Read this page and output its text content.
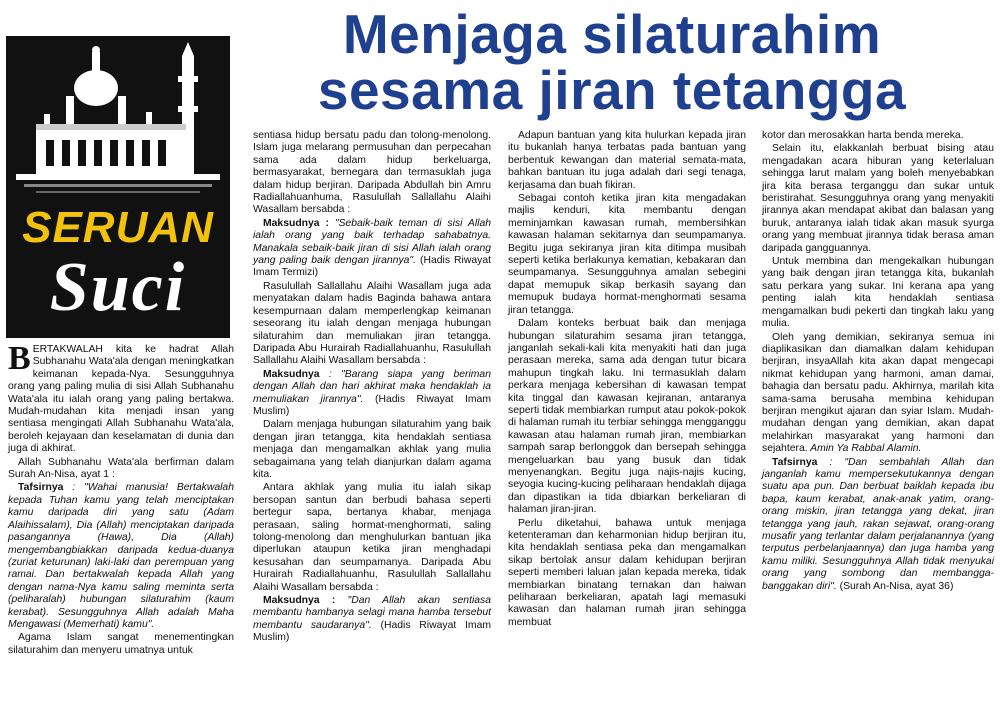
Menjaga silaturahim
sesama jiran tetangga
SERUAN
Suci

BERTAKWALAH kita ke hadrat Allah Subhanahu Wata'ala dengan meningkatkan keimanan kepada-Nya. Sesungguhnya orang yang paling mulia di sisi Allah Subhanahu Wata'ala itu ialah orang yang paling bertakwa. Mudah-mudahan kita menjadi insan yang sentiasa mengingati Allah Subhanahu Wata'ala, beroleh kejayaan dan keselamatan di dunia dan juga di akhirat.

Allah Subhanahu Wata'ala berfirman dalam Surah An-Nisa, ayat 1 :

Tafsirnya : "Wahai manusia! Bertakwalah kepada Tuhan kamu yang telah menciptakan kamu daripada diri yang satu (Adam Alaihissalam), Dia (Allah) menciptakan daripada pasangannya (Hawa), Dia (Allah) mengembangbiakkan daripada kedua-duanya (zuriat keturunan) laki-laki dan perempuan yang ramai. Dan bertakwalah kepada Allah yang dengan nama-Nya kamu saling meminta serta (peliharalah) hubungan silaturahim (kaum kerabat). Sesungguhnya Allah adalah Maha Mengawasi (Memerhati) kamu".

Agama Islam sangat menementingkan silaturahim dan menyeru umatnya untuk

sentiasa hidup bersatu padu dan tolong-menolong. Islam juga melarang permusuhan dan perpecahan sama ada dalam hidup berkeluarga, bermasyarakat, bernegara dan termasuklah juga dalam hidup berjiran. Daripada Abdullah bin Amru Radiallahuanhuma, Rasulullah Sallallahu Alaihi Wasallam bersabda :

Maksudnya : "Sebaik-baik teman di sisi Allah ialah orang yang baik terhadap sahabatnya. Manakala sebaik-baik jiran di sisi Allah ialah orang yang paling baik dengan jirannya". (Hadis Riwayat Imam Termizi)

Rasulullah Sallallahu Alaihi Wasallam juga ada menyatakan dalam hadis Baginda bahawa antara kesempurnaan dalam memperlengkap keimanan seseorang itu ialah dengan menjaga hubungan silaturahim dan memuliakan jiran tetangga. Daripada Abu Hurairah Radiallahuanhu, Rasulullah Sallallahu Alaihi Wasallam bersabda :

Maksudnya : "Barang siapa yang beriman dengan Allah dan hari akhirat maka hendaklah ia memuliakan jirannya". (Hadis Riwayat Imam Muslim)

Dalam menjaga hubungan silaturahim yang baik dengan jiran tetangga, kita hendaklah sentiasa menjaga dan mengamalkan akhlak yang mulia sebagaimana yang telah dianjurkan dalam agama kita.

Antara akhlak yang mulia itu ialah sikap bersopan santun dan berbudi bahasa seperti bertegur sapa, bertanya khabar, menjaga perasaan, saling hormat-menghormati, saling tolong-menolong dan menghulurkan bantuan jika diperlukan ataupun ketika jiran menghadapi kesusahan dan seumpamanya. Daripada Abu Hurairah Radiallahuanhu, Rasulullah Sallallahu Alaihi Wasallam bersabda :

Maksudnya : "Dan Allah akan sentiasa membantu hambanya selagi mana hamba tersebut membantu saudaranya". (Hadis Riwayat Imam Muslim)

Adapun bantuan yang kita hulurkan kepada jiran itu bukanlah hanya terbatas pada bantuan yang berbentuk kewangan dan material semata-mata, bahkan bantuan itu juga adalah dari segi tenaga, kerjasama dan buah fikiran.

Sebagai contoh ketika jiran kita mengadakan majlis kenduri, kita membantu dengan meminjamkan kawasan rumah, membersihkan kawasan halaman sekitarnya dan seumpamanya. Begitu juga sekiranya jiran kita ditimpa musibah seperti ketika berlakunya kematian, kebakaran dan seumpamanya. Sesungguhnya amalan sebegini dapat memupuk sikap berkasih sayang dan memupuk budaya hormat-menghormati sesama jiran tetangga.

Dalam konteks berbuat baik dan menjaga hubungan silaturahim sesama jiran tetangga, janganlah sekali-kali kita menyakiti hati dan juga perasaan mereka, sama ada dengan tutur bicara mahupun tingkah laku. Ini termasuklah dalam perkara menjaga kebersihan di kawasan tempat kita tinggal dan kawasan kejiranan, antaranya seperti tidak membiarkan rumput atau pokok-pokok di halaman rumah itu terbiar sehingga mengganggu kawasan atau halaman rumah jiran, membiarkan sampah sarap berlonggok dan bersepah sehingga mengeluarkan bau yang busuk dan tidak menyenangkan. Begitu juga najis-najis kucing, seyogia kucing-kucing peliharaan hendaklah dijaga dan dipastikan ia tida dbiarkan berkeliaran di halaman jiran-jiran.

Perlu diketahui, bahawa untuk menjaga ketenteraman dan keharmonian hidup berjiran itu, kita hendaklah sentiasa peka dan mengamalkan sikap bertolak ansur dalam kehidupan berjiran seperti memberi laluan jalan kepada mereka, tidak membiarkan binatang ternakan dan haiwan peliharaan berkeliaran, apatah lagi memasuki kawasan dan halaman rumah jiran sehingga membuat

kotor dan merosakkan harta benda mereka.

Selain itu, elakkanlah berbuat bising atau mengadakan acara hiburan yang keterlaluan sehingga larut malam yang boleh menyebabkan jira kita berasa terganggu dan sukar untuk beristirahat. Sesungguhnya orang yang menyakiti jirannya akan mendapat akibat dan balasan yang buruk, antaranya ialah tidak akan masuk syurga orang yang membuat jirannya tidak berasa aman daripada gangguannya.

Untuk membina dan mengekalkan hubungan yang baik dengan jiran tetangga kita, bukanlah satu perkara yang sukar. Ini kerana apa yang penting ialah kita hendaklah sentiasa mengamalkan budi pekerti dan tingkah laku yang mulia.

Oleh yang demikian, sekiranya semua ini diaplikasikan dan diamalkan dalam kehidupan berjiran, insyaAllah kita akan dapat mengecapi nikmat kehidupan yang harmoni, aman damai, bahagia dan bersatu padu. Akhirnya, marilah kita sama-sama berusaha membina kehidupan berjiran mengikut ajaran dan syiar Islam. Mudah-mudahan dengan yang demikian, akan dapat melahirkan masyarakat yang harmoni dan sejahtera. Amin Ya Rabbal Alamin.

Tafsirnya : "Dan sembahlah Allah dan janganlah kamu mempersekutukannya dengan suatu apa pun. Dan berbuat baiklah kepada ibu bapa, kaum kerabat, anak-anak yatim, orang-orang miskin, jiran tetangga yang dekat, jiran tetangga yang jauh, rakan sejawat, orang-orang musafir yang terlantar dalam perjalanannya (yang terputus perbelanjaannya) dan juga hamba yang kamu miliki. Sesungguhnya Allah tidak menyukai orang yang sombong dan membangga-banggakan diri". (Surah An-Nisa, ayat 36)
